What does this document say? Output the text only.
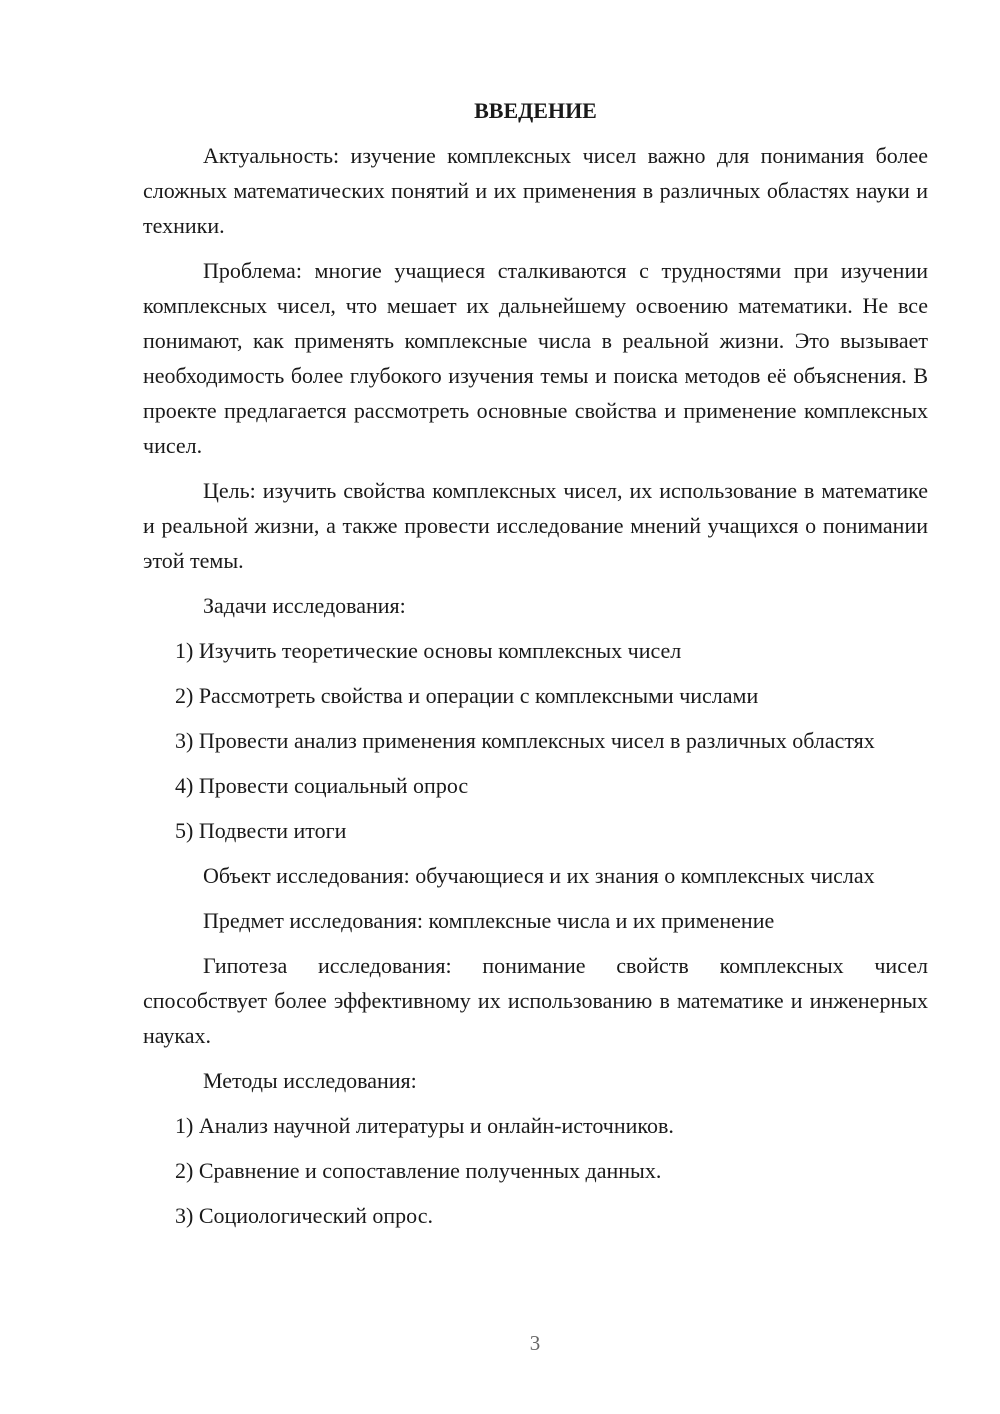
ВВЕДЕНИЕ

Актуальность: изучение комплексных чисел важно для понимания более сложных математических понятий и их применения в различных областях науки и техники.

Проблема: многие учащиеся сталкиваются с трудностями при изучении комплексных чисел, что мешает их дальнейшему освоению математики. Не все понимают, как применять комплексные числа в реальной жизни. Это вызывает необходимость более глубокого изучения темы и поиска методов её объяснения. В проекте предлагается рассмотреть основные свойства и применение комплексных чисел.

Цель: изучить свойства комплексных чисел, их использование в математике и реальной жизни, а также провести исследование мнений учащихся о понимании этой темы.

Задачи исследования:

1) Изучить теоретические основы комплексных чисел

2) Рассмотреть свойства и операции с комплексными числами

3) Провести анализ применения комплексных чисел в различных областях

4) Провести социальный опрос

5) Подвести итоги

Объект исследования: обучающиеся и их знания о комплексных числах

Предмет исследования: комплексные числа и их применение

Гипотеза исследования: понимание свойств комплексных чисел способствует более эффективному их использованию в математике и инженерных науках.

Методы исследования:

1) Анализ научной литературы и онлайн-источников.

2) Сравнение и сопоставление полученных данных.

3) Социологический опрос.

3
